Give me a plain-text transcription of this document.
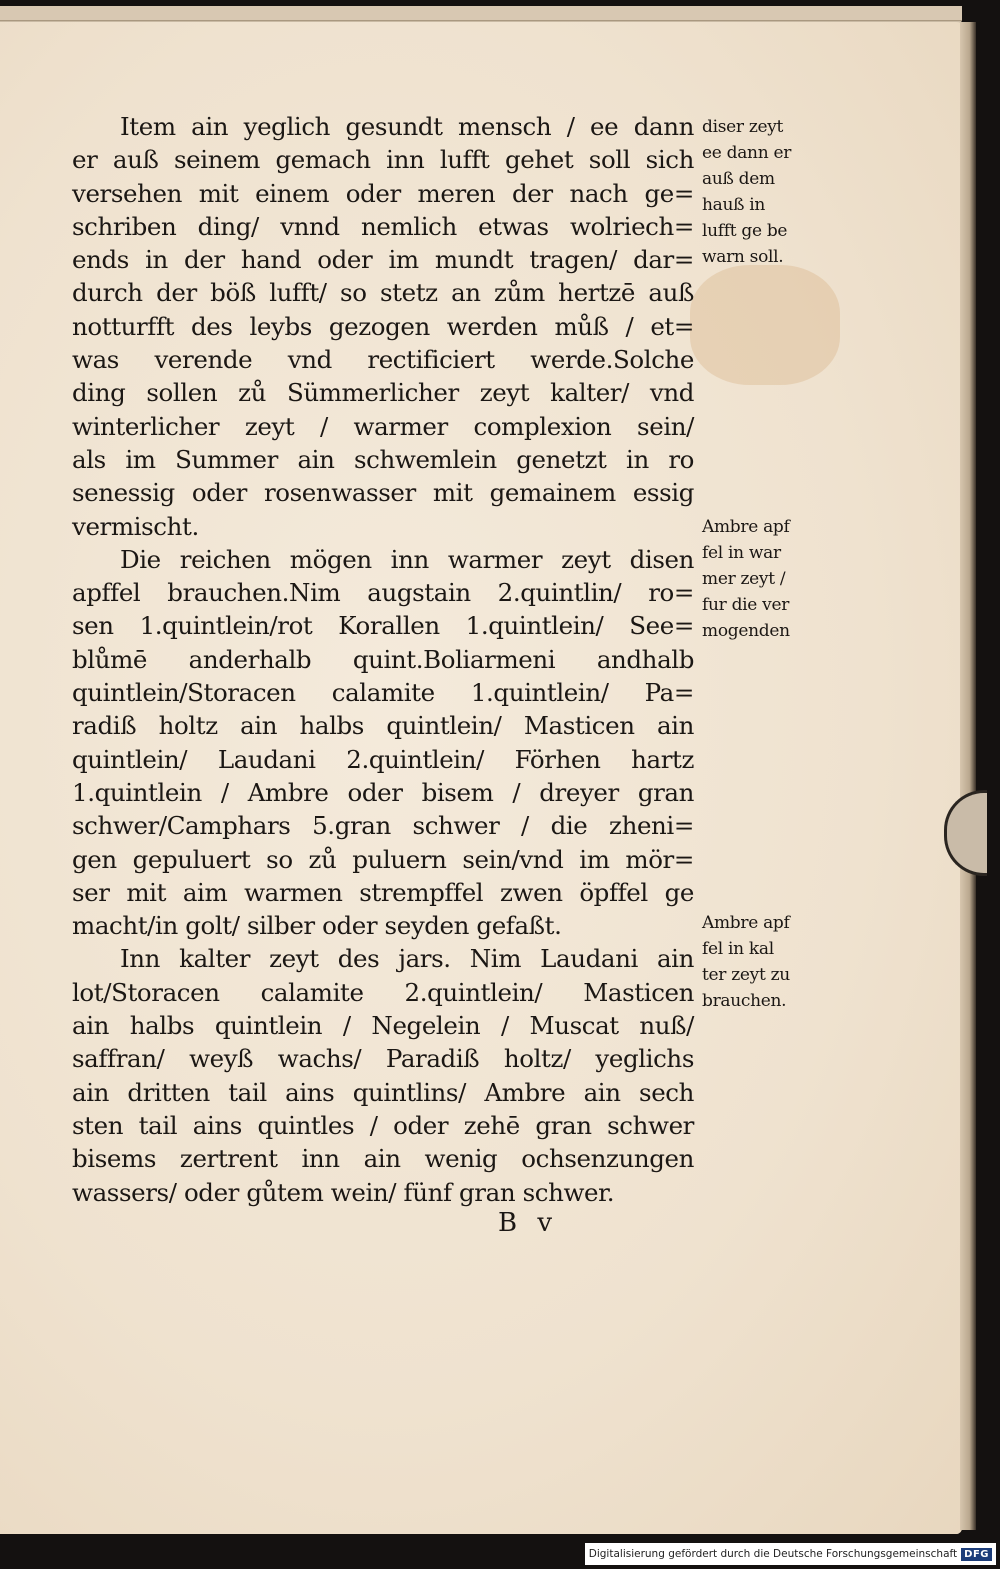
Item ain yeglich gesundt mensch / ee dann
er auß seinem gemach inn lufft gehet soll sich
versehen mit einem oder meren der nach ge=
schriben ding/ vnnd nemlich etwas wolriech=
ends in der hand oder im mundt tragen/ dar=
durch der böß lufft/ so stetz an zům hertzē auß
notturfft des leybs gezogen werden můß / et=
was verende vnd rectificiert werde.Solche
ding sollen zů Sümmerlicher zeyt kalter/ vnd
winterlicher zeyt / warmer complexion sein/
als im Summer ain schwemlein genetzt in ro
senessig oder rosenwasser mit gemainem essig
vermischt.
Die reichen mögen inn warmer zeyt disen
apffel brauchen.Nim augstain 2.quintlin/ ro=
sen 1.quintlein/rot Korallen 1.quintlein/ See=
blůmē anderhalb quint.Boliarmeni andhalb
quintlein/Storacen calamite 1.quintlein/ Pa=
radiß holtz ain halbs quintlein/ Masticen ain
quintlein/ Laudani 2.quintlein/ Förhen hartz
1.quintlein / Ambre oder bisem / dreyer gran
schwer/Camphars 5.gran schwer / die zheni=
gen gepuluert so zů puluern sein/vnd im mör=
ser mit aim warmen strempffel zwen öpffel ge
macht/in golt/ silber oder seyden gefaßt.
Inn kalter zeyt des jars. Nim Laudani ain
lot/Storacen calamite 2.quintlein/ Masticen
ain halbs quintlein / Negelein / Muscat nuß/
saffran/ weyß wachs/ Paradiß holtz/ yeglichs
ain dritten tail ains quintlins/ Ambre ain sech
sten tail ains quintles / oder zehē gran schwer
bisems zertrent inn ain wenig ochsenzungen
wassers/ oder gůtem wein/ fünf gran schwer.
B v
diser zeyt
ee dann er
auß dem
hauß in
lufft ge be
warn soll.
Ambre apf
fel in war
mer zeyt /
fur die ver
mogenden
Ambre apf
fel in kal
ter zeyt zu
brauchen.
Digitalisierung gefördert durch die Deutsche Forschungsgemeinschaft DFG
